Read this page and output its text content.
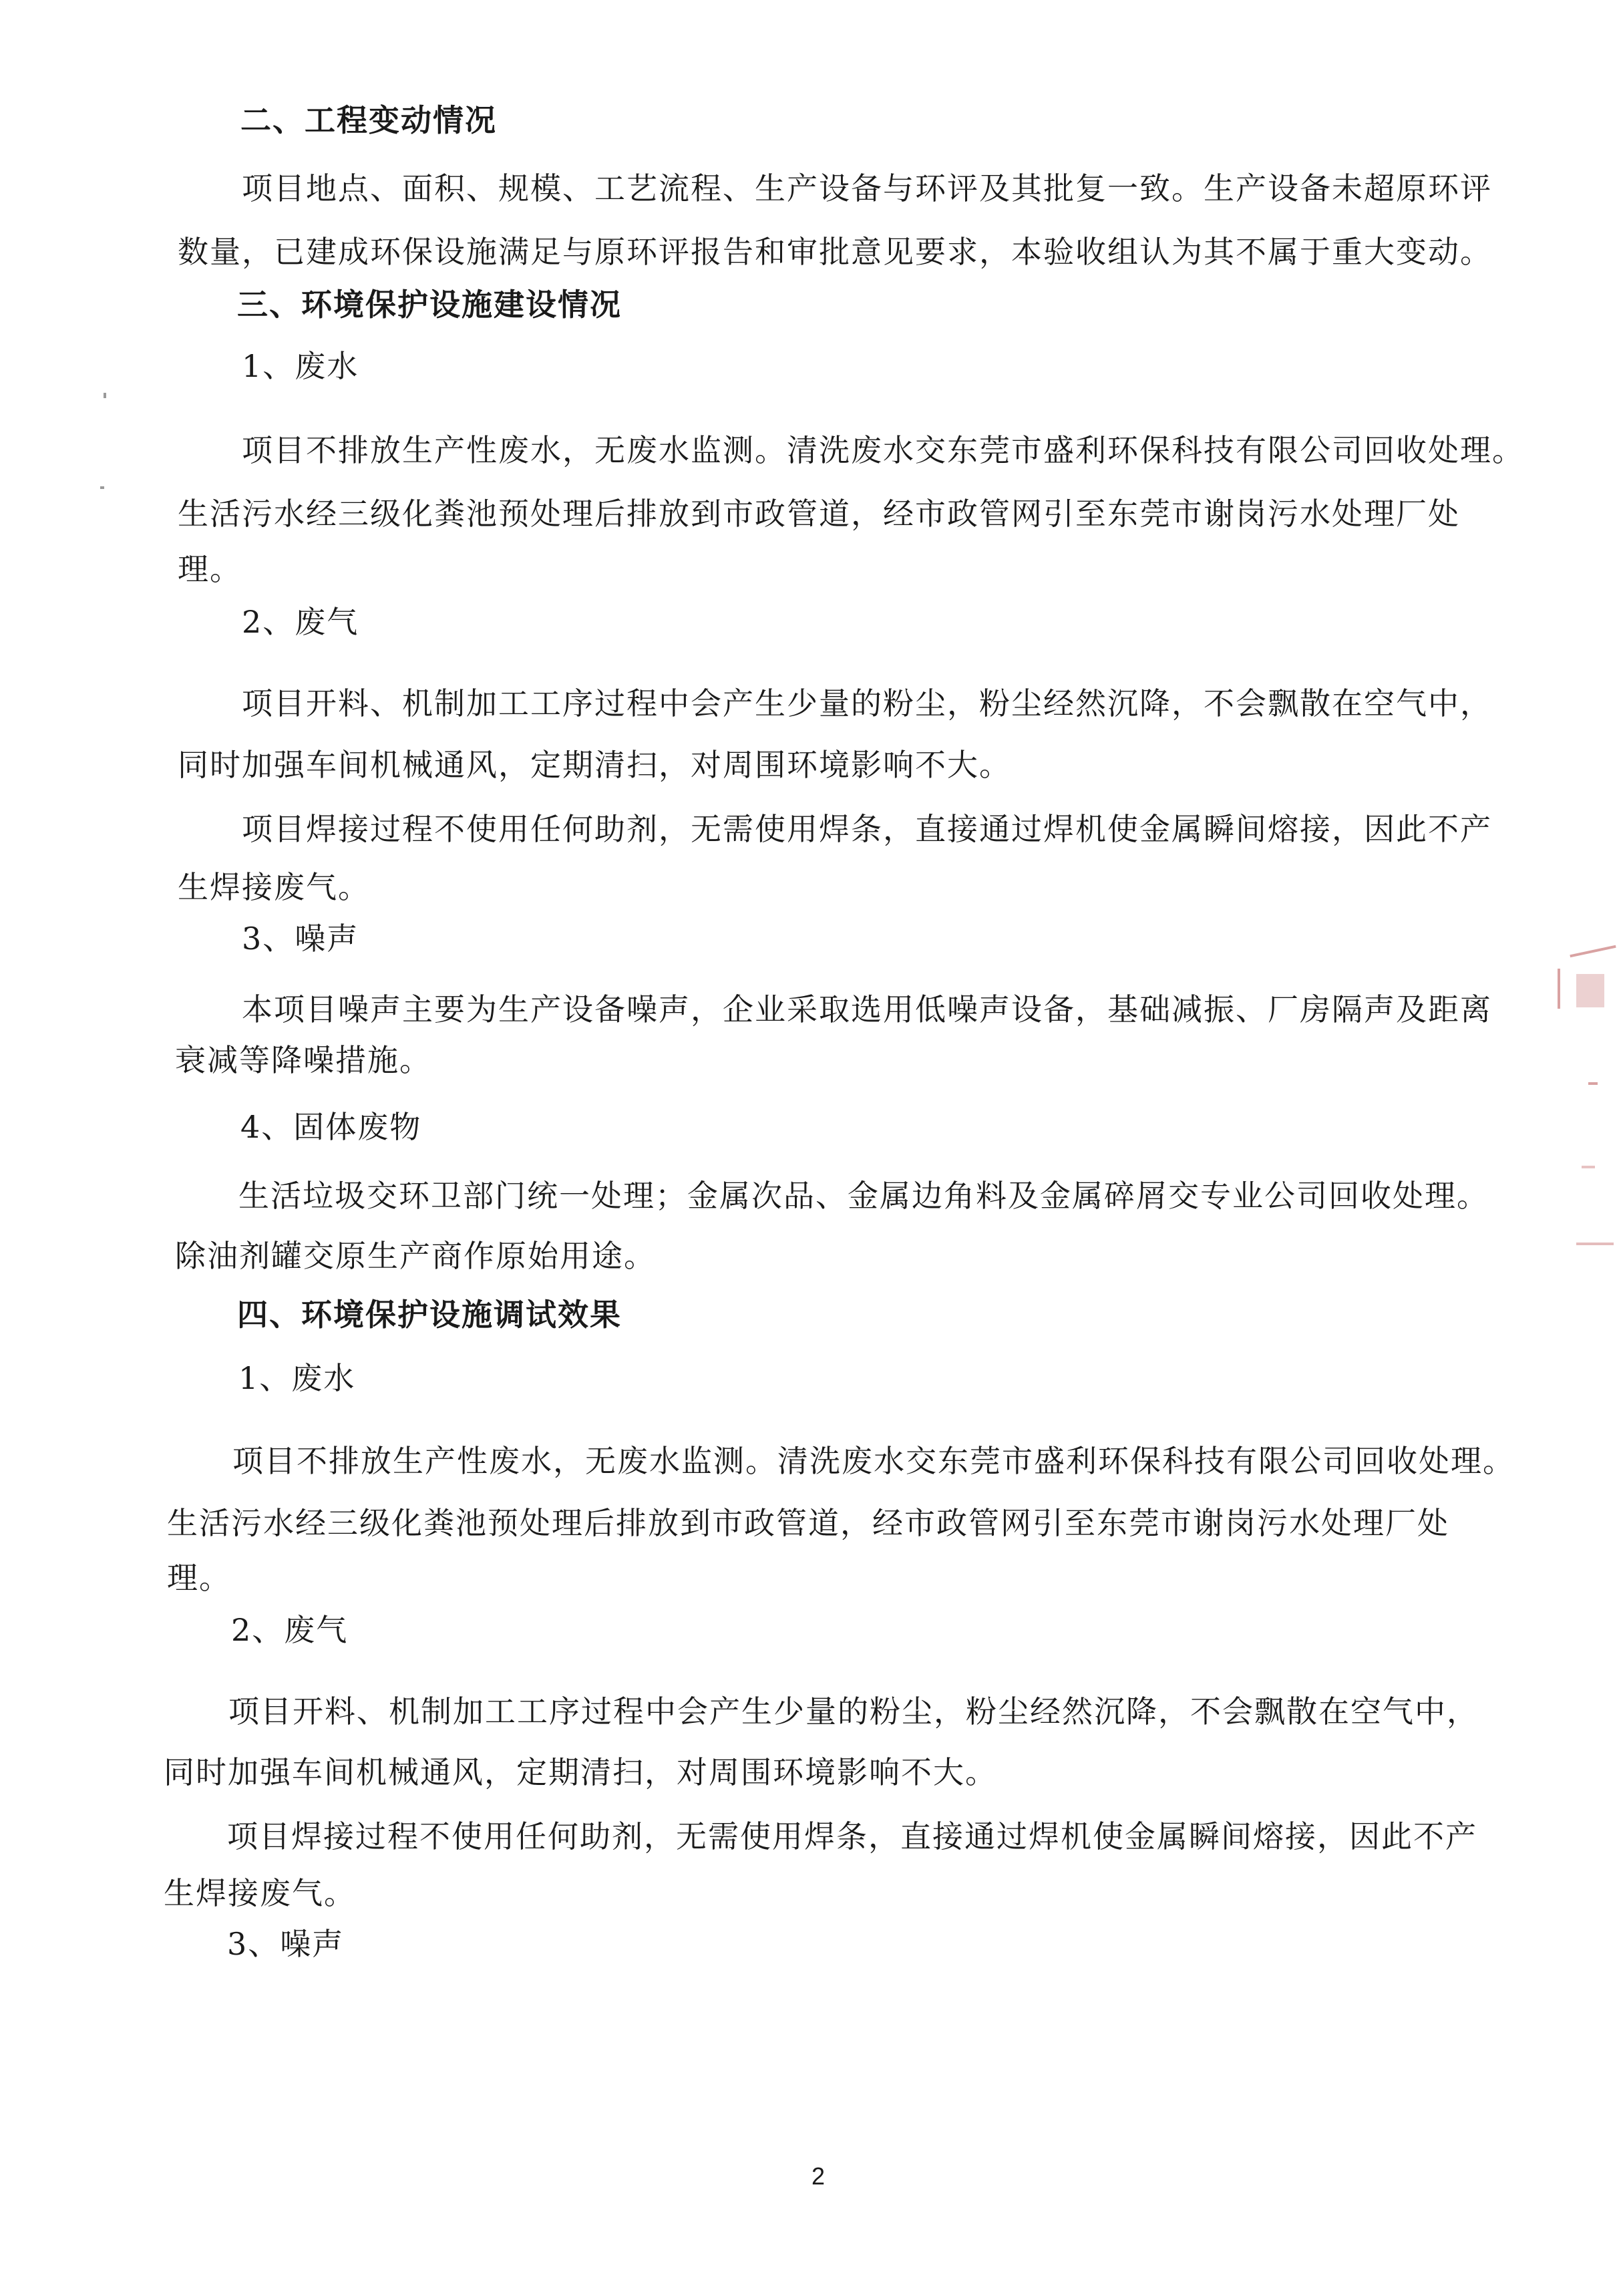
二、工程变动情况
项目地点、面积、规模、工艺流程、生产设备与环评及其批复一致。生产设备未超原环评
数量，已建成环保设施满足与原环评报告和审批意见要求，本验收组认为其不属于重大变动。
三、环境保护设施建设情况
1、废水
项目不排放生产性废水，无废水监测。清洗废水交东莞市盛利环保科技有限公司回收处理。
生活污水经三级化粪池预处理后排放到市政管道，经市政管网引至东莞市谢岗污水处理厂处
理。
2、废气
项目开料、机制加工工序过程中会产生少量的粉尘，粉尘经然沉降，不会飘散在空气中，
同时加强车间机械通风，定期清扫，对周围环境影响不大。
项目焊接过程不使用任何助剂，无需使用焊条，直接通过焊机使金属瞬间熔接，因此不产
生焊接废气。
3、噪声
本项目噪声主要为生产设备噪声，企业采取选用低噪声设备，基础减振、厂房隔声及距离
衰减等降噪措施。
4、固体废物
生活垃圾交环卫部门统一处理；金属次品、金属边角料及金属碎屑交专业公司回收处理。
除油剂罐交原生产商作原始用途。
四、环境保护设施调试效果
1、废水
项目不排放生产性废水，无废水监测。清洗废水交东莞市盛利环保科技有限公司回收处理。
生活污水经三级化粪池预处理后排放到市政管道，经市政管网引至东莞市谢岗污水处理厂处
理。
2、废气
项目开料、机制加工工序过程中会产生少量的粉尘，粉尘经然沉降，不会飘散在空气中，
同时加强车间机械通风，定期清扫，对周围环境影响不大。
项目焊接过程不使用任何助剂，无需使用焊条，直接通过焊机使金属瞬间熔接，因此不产
生焊接废气。
3、噪声
2
